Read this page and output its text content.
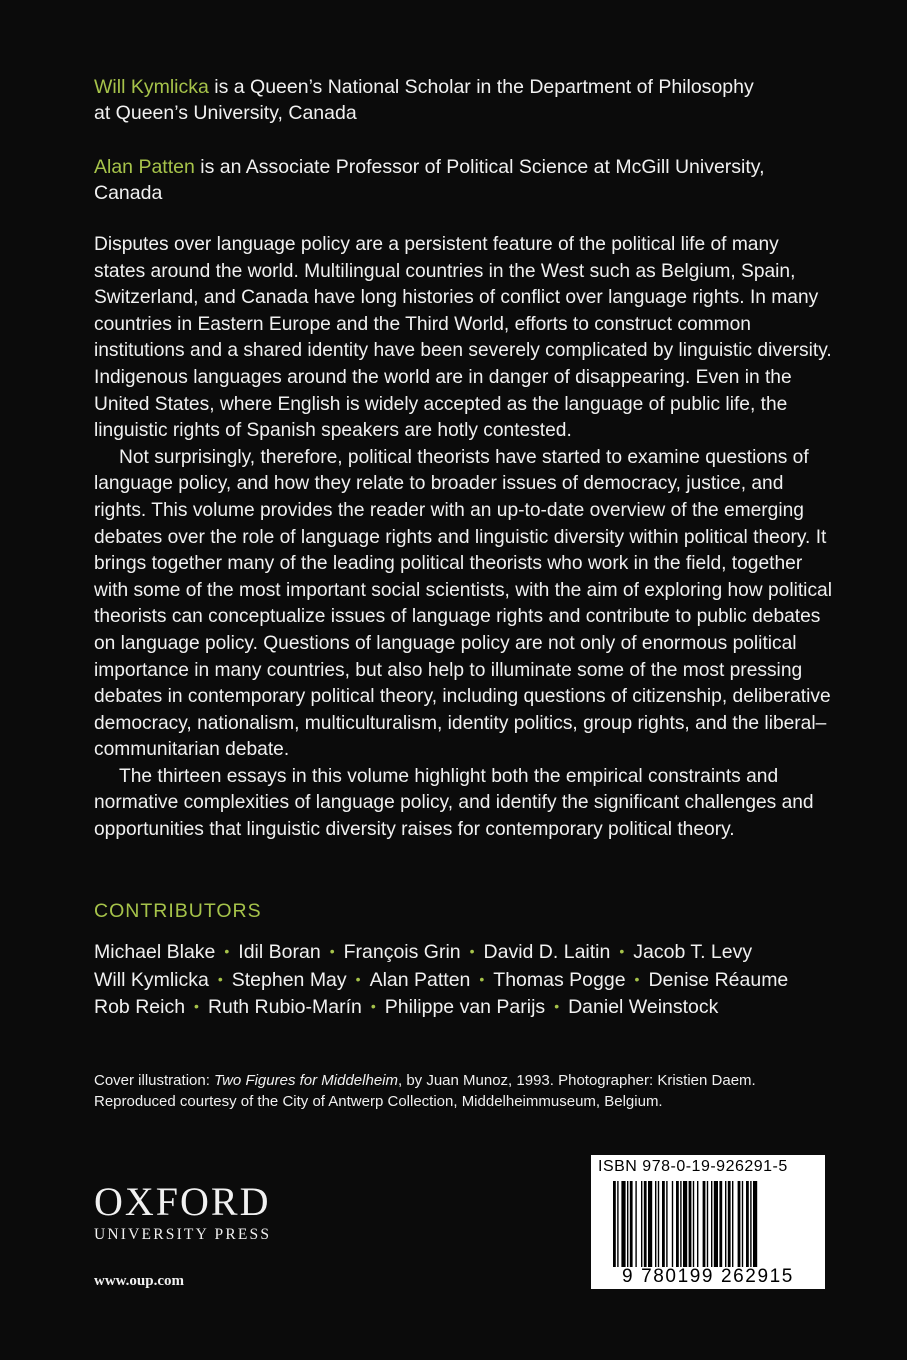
Will Kymlicka is a Queen’s National Scholar in the Department of Philosophy
at Queen’s University, Canada
Alan Patten is an Associate Professor of Political Science at McGill University, Canada

Disputes over language policy are a persistent feature of the political life of many states around the world. Multilingual countries in the West such as Belgium, Spain, Switzerland, and Canada have long histories of conflict over language rights. In many countries in Eastern Europe and the Third World, efforts to construct common institutions and a shared identity have been severely complicated by linguistic diversity. Indigenous languages around the world are in danger of disappearing. Even in the United States, where English is widely accepted as the language of public life, the linguistic rights of Spanish speakers are hotly contested.

Not surprisingly, therefore, political theorists have started to examine questions of language policy, and how they relate to broader issues of democracy, justice, and rights. This volume provides the reader with an up-to-date overview of the emerging debates over the role of language rights and linguistic diversity within political theory. It brings together many of the leading political theorists who work in the field, together with some of the most important social scientists, with the aim of exploring how political theorists can conceptualize issues of language rights and contribute to public debates on language policy. Questions of language policy are not only of enormous political importance in many countries, but also help to illuminate some of the most pressing debates in contemporary political theory, including questions of citizenship, deliberative democracy, nationalism, multiculturalism, identity politics, group rights, and the liberal–communitarian debate.

The thirteen essays in this volume highlight both the empirical constraints and normative complexities of language policy, and identify the significant challenges and opportunities that linguistic diversity raises for contemporary political theory.

CONTRIBUTORS
Michael Blake • Idil Boran • François Grin • David D. Laitin • Jacob T. Levy
Will Kymlicka • Stephen May • Alan Patten • Thomas Pogge • Denise Réaume
Rob Reich • Ruth Rubio-Marín • Philippe van Parijs • Daniel Weinstock
Cover illustration: Two Figures for Middelheim, by Juan Munoz, 1993. Photographer: Kristien Daem.
Reproduced courtesy of the City of Antwerp Collection, Middelheimmuseum, Belgium.
OXFORD
UNIVERSITY PRESS
www.oup.com
ISBN 978-0-19-926291-5
9 780199 262915
